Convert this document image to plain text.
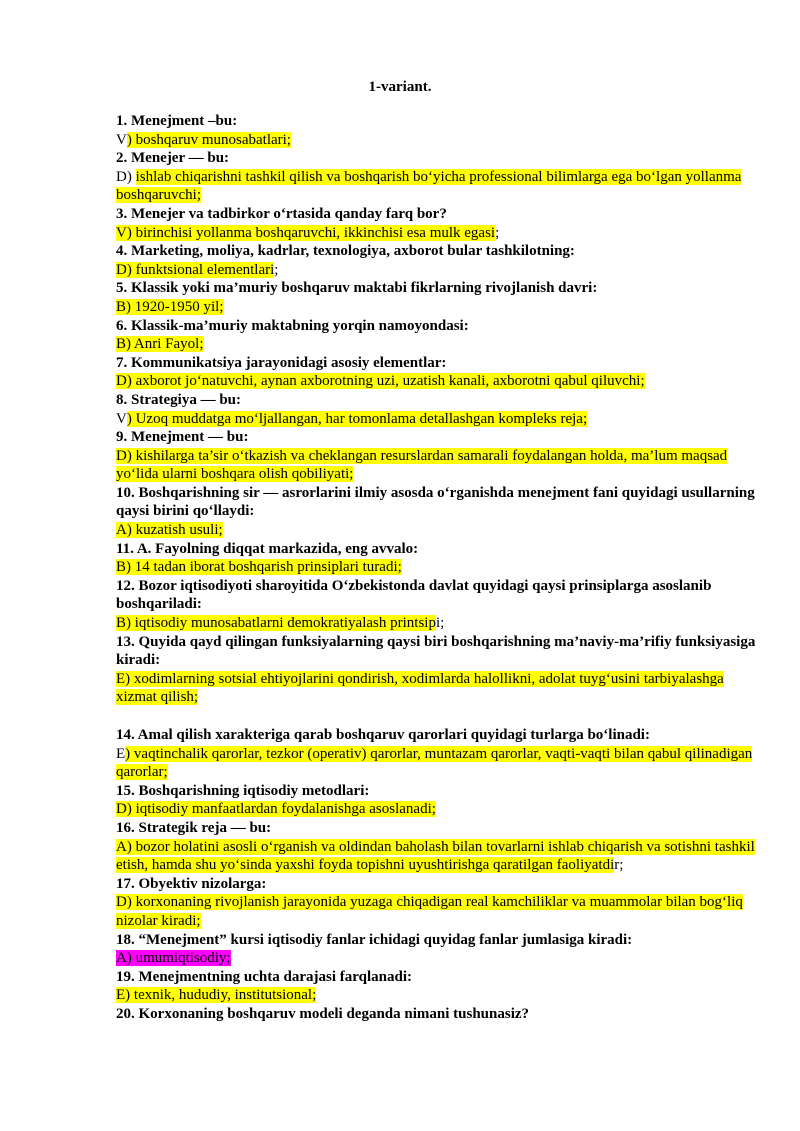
1-variant.

1. Menejment –bu:

V) boshqaruv munosabatlari;

2. Menejer — bu:

D) ishlab chiqarishni tashkil qilish va boshqarish bo‘yicha professional bilimlarga ega bo‘lgan yollanma boshqaruvchi;

3. Menejer va tadbirkor o‘rtasida qanday farq bor?

V) birinchisi yollanma boshqaruvchi, ikkinchisi esa mulk egasi;

4. Marketing, moliya, kadrlar, texnologiya, axborot bular tashkilotning:

D) funktsional elementlari;

5. Klassik yoki ma’muriy boshqaruv maktabi fikrlarning rivojlanish davri:

B) 1920-1950 yil;

6. Klassik-ma’muriy maktabning yorqin namoyondasi:

B) Anri Fayol;

7. Kommunikatsiya jarayonidagi asosiy elementlar:

D) axborot jo‘natuvchi, aynan axborotning uzi, uzatish kanali, axborotni qabul qiluvchi;

8. Strategiya — bu:

V) Uzoq muddatga mo‘ljallangan, har tomonlama detallashgan kompleks reja;

9. Menejment — bu:

D) kishilarga ta’sir o‘tkazish va cheklangan resurslardan samarali foydalangan holda, ma’lum maqsad yo‘lida ularni boshqara olish qobiliyati;

10. Boshqarishning sir — asrorlarini ilmiy asosda o‘rganishda menejment fani quyidagi usullarning qaysi birini qo‘llaydi:

A) kuzatish usuli;

11. A. Fayolning diqqat markazida, eng avvalo:

B) 14 tadan iborat boshqarish prinsiplari turadi;

12. Bozor iqtisodiyoti sharoyitida O‘zbekistonda davlat quyidagi qaysi prinsiplarga asoslanib boshqariladi:

B) iqtisodiy munosabatlarni demokratiyalash printsipi;

13. Quyida qayd qilingan funksiyalarning qaysi biri boshqarishning ma’naviy-ma’rifiy funksiyasiga kiradi:

E) xodimlarning sotsial ehtiyojlarini qondirish, xodimlarda halollikni, adolat tuyg‘usini tarbiyalashga xizmat qilish;

14. Amal qilish xarakteriga qarab boshqaruv qarorlari quyidagi turlarga bo‘linadi:

E) vaqtinchalik qarorlar, tezkor (operativ) qarorlar, muntazam qarorlar, vaqti-vaqti bilan qabul qilinadigan qarorlar;

15. Boshqarishning iqtisodiy metodlari:

D) iqtisodiy manfaatlardan foydalanishga asoslanadi;

16. Strategik reja — bu:

A) bozor holatini asosli o‘rganish va oldindan baholash bilan tovarlarni ishlab chiqarish va sotishni tashkil etish, hamda shu yo‘sinda yaxshi foyda topishni uyushtirishga qaratilgan faoliyatdir;

17. Obyektiv nizolarga:

D) korxonaning rivojlanish jarayonida yuzaga chiqadigan real kamchiliklar va muammolar bilan bog‘liq nizolar kiradi;

18. “Menejment” kursi iqtisodiy fanlar ichidagi quyidag fanlar jumlasiga kiradi:

A) umumiqtisodiy;

19. Menejmentning uchta darajasi farqlanadi:

E) texnik, hududiy, institutsional;

20. Korxonaning boshqaruv modeli deganda nimani tushunasiz?
